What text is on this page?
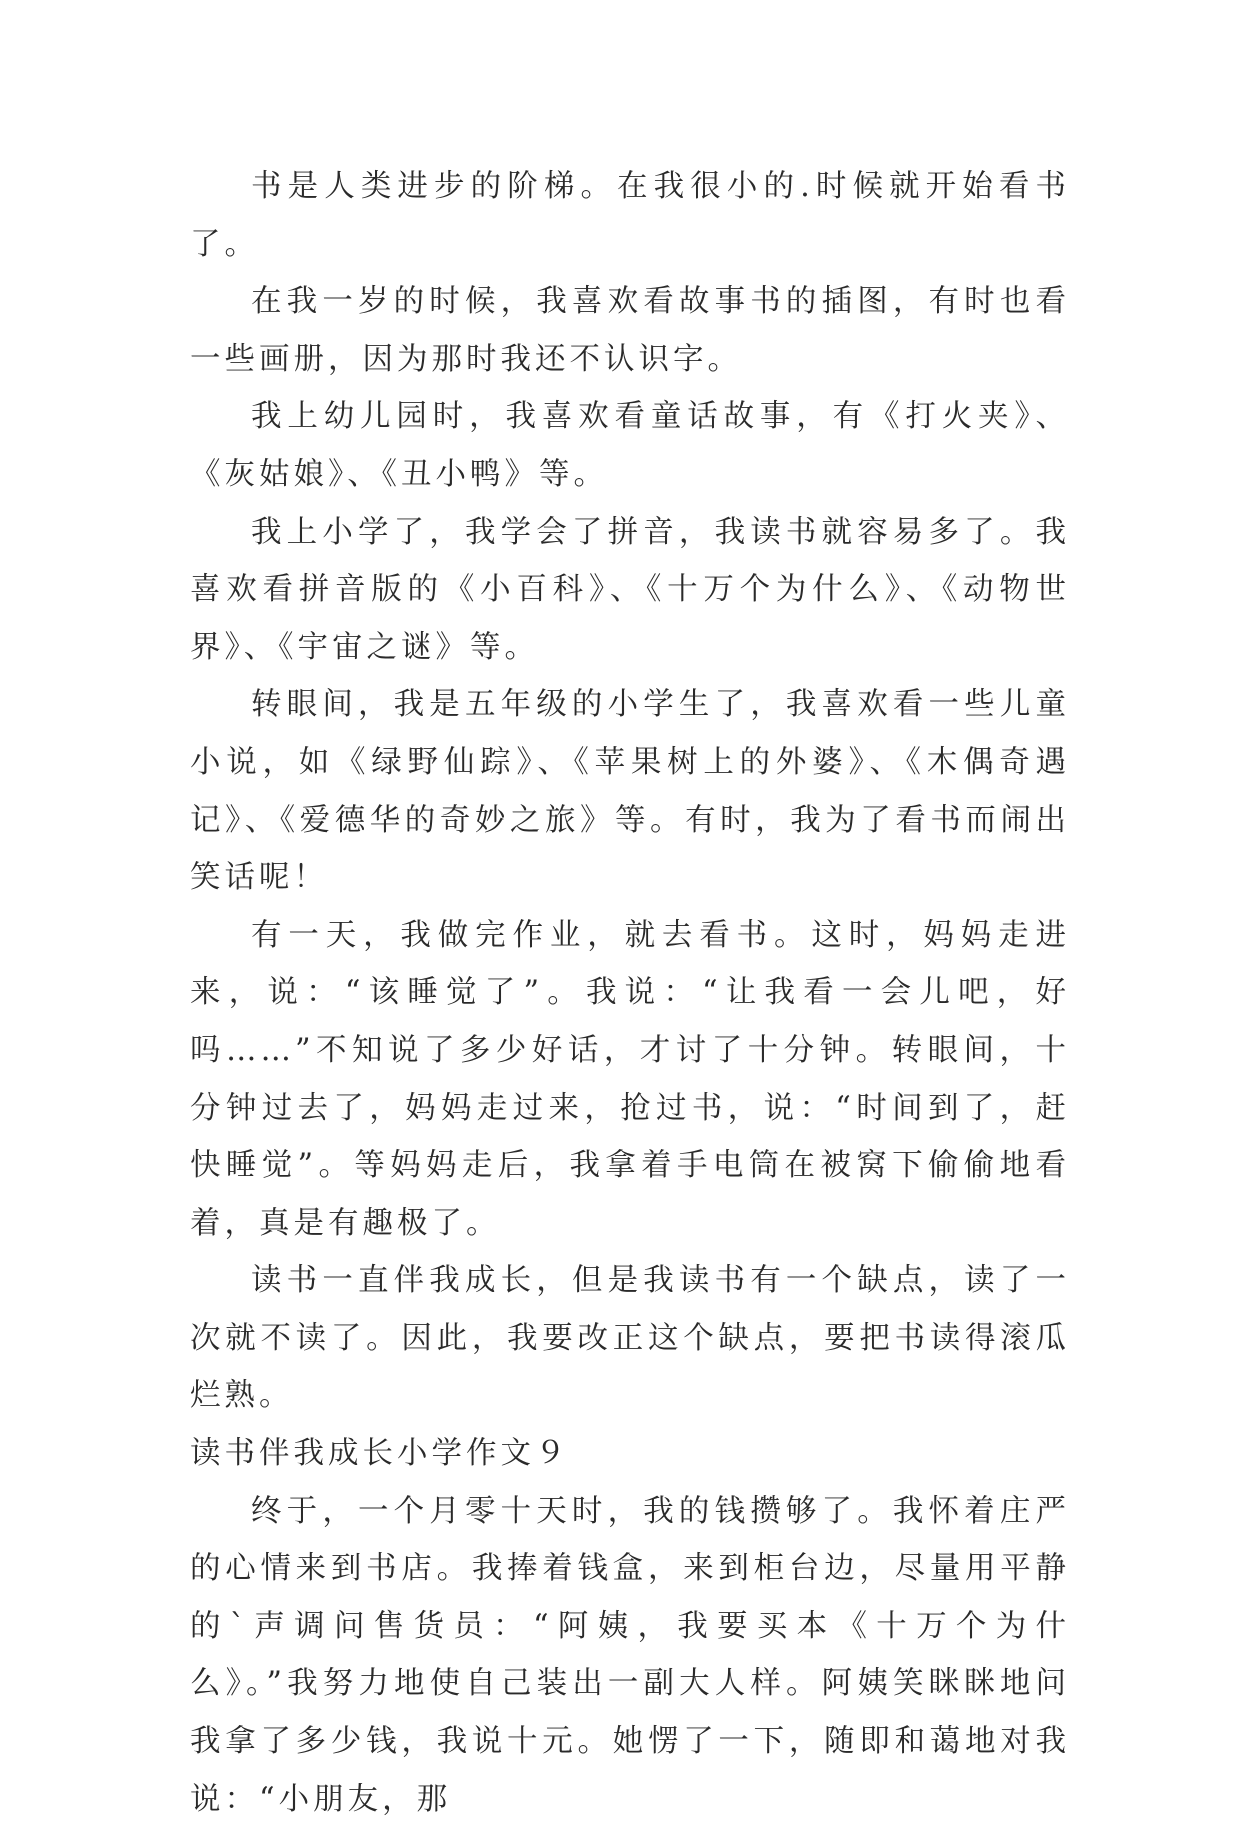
书是人类进步的阶梯。在我很小的.时候就开始看书了。

在我一岁的时候，我喜欢看故事书的插图，有时也看一些画册，因为那时我还不认识字。

我上幼儿园时，我喜欢看童话故事，有《打火夹》、《灰姑娘》、《丑小鸭》等。

我上小学了，我学会了拼音，我读书就容易多了。我喜欢看拼音版的《小百科》、《十万个为什么》、《动物世界》、《宇宙之谜》等。

转眼间，我是五年级的小学生了，我喜欢看一些儿童小说，如《绿野仙踪》、《苹果树上的外婆》、《木偶奇遇记》、《爱德华的奇妙之旅》等。有时，我为了看书而闹出笑话呢！

有一天，我做完作业，就去看书。这时，妈妈走进来，说：“该睡觉了”。我说：“让我看一会儿吧，好吗……”不知说了多少好话，才讨了十分钟。转眼间，十分钟过去了，妈妈走过来，抢过书，说：“时间到了，赶快睡觉”。等妈妈走后，我拿着手电筒在被窝下偷偷地看着，真是有趣极了。

读书一直伴我成长，但是我读书有一个缺点，读了一次就不读了。因此，我要改正这个缺点，要把书读得滚瓜烂熟。

读书伴我成长小学作文９

终于，一个月零十天时，我的钱攒够了。我怀着庄严的心情来到书店。我捧着钱盒，来到柜台边，尽量用平静的`声调问售货员：“阿姨，我要买本《十万个为什么》。”我努力地使自己装出一副大人样。阿姨笑眯眯地问我拿了多少钱，我说十元。她愣了一下，随即和蔼地对我说：“小朋友，那
